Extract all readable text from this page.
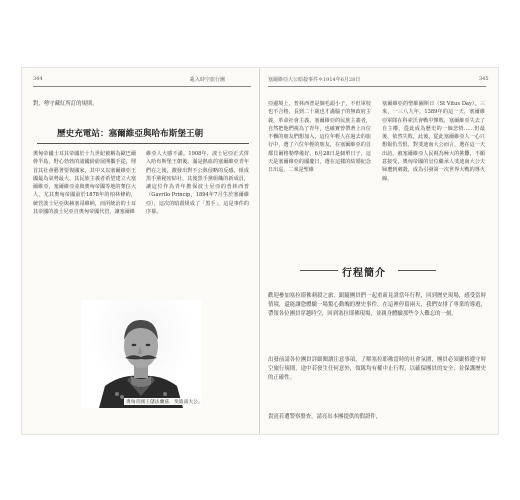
344	亂入時空旅行團
對，勢守藏紅所訂的規則。
歷史充電站：塞爾維亞與哈布斯堡王朝
奧匈帝國士耳其帝國於十九世紀被稱為歐巴爾幹半島，野心勃勃的諸國紛紛展開攜手從，埋首其社會藝著要復國家，其中又以塞爾維亞王國最為氣勢最大，其民族主義者希望建立大塞爾維亞，塞爾維亞並與奧匈帝國等地的奪位大人，尤其奧匈帝國前於1878年的柏林條約，統管波士尼亞與赫塞哥維納，而所統治的士耳其帝國的波士尼亞自奧匈帝國代管，讓塞爾維
維亞人大感不滿。1908年，波士尼亞正式併入哈布斯堡王朝後，滿是熱血的塞爾維亞青年們在之後，激發出對不公與侵略的反感，組成黑手黨秘密結社，其後黑手黨組織的新成員，讓這位作為青年擔保波士尼亞的普林西普（Gavrilo Princip，1894年7月生於塞爾維亞），這次的暗殺組成了「黑手」，這是事件的序幕。
奧匈帝國王儲法蘭茲．斐迪南大公。
塞爾維亞大公暗殺事件＊1914年6月28日	345
亞邊境上，普林西普是個毛頭小子，不但軍校也不合格，長到二十歲也才滿腦子的無政府主義，革命社會主義。塞爾維亞的民族主義者，自然把他們視為了青年，也確實曾帶著上百位不懈的朋友們想加入，這位年輕人在過去的旅行中，選了六位年輕的朋友，在塞爾維亞的首都貝爾格勒準備好。6月28日是個單日子，這天是塞爾維亞的國慶日，選在這樣的結婚紀念日出巡，二來是聖維
塞爾維亞的聖維圖斯日（St Vitus Day）。三來，一三八九年，1389年的這一天，塞爾維亞軍隊在科索沃會戰中慘敗，塞爾維亞失去了自主權，從此成為歷史的一個悲情……但最後，依然失敗，此後，從此塞爾維亞人一心只想報仇雪恨，對斐迪南大公而言，選在這一天出訪，被塞爾維亞人民視為極大的挑釁，不願意接受，奧匈帝國的皇位繼承人斐迪南大公夫婦遭到刺殺，成為引發第一次世界大戰的導火線。
行程簡介
歡迎參加塞拉耶佛刺殺之旅，跟隨團員們一起重新見證當年行程，回到歷史現場，感受當時情境，還能讓您體驗一場驚心動魄的歷史事件，在這裡停留兩天，我們安排了專業的導遊，帶領各位團員穿越時空，回到塞拉耶佛現場，並親身體驗那些令人難忘的一刻。
出發前請各位團員詳細閱讀注意事項，了解塞拉耶佛當時的社會氛圍，團員必須嚴格遵守時空旅行規則，途中若發生任何意外，領隊均有權中止行程，以確保團員的安全，並保護歷史的正確性。
貴賓若遭警察盤查，請亮出本團提供的假證件，
